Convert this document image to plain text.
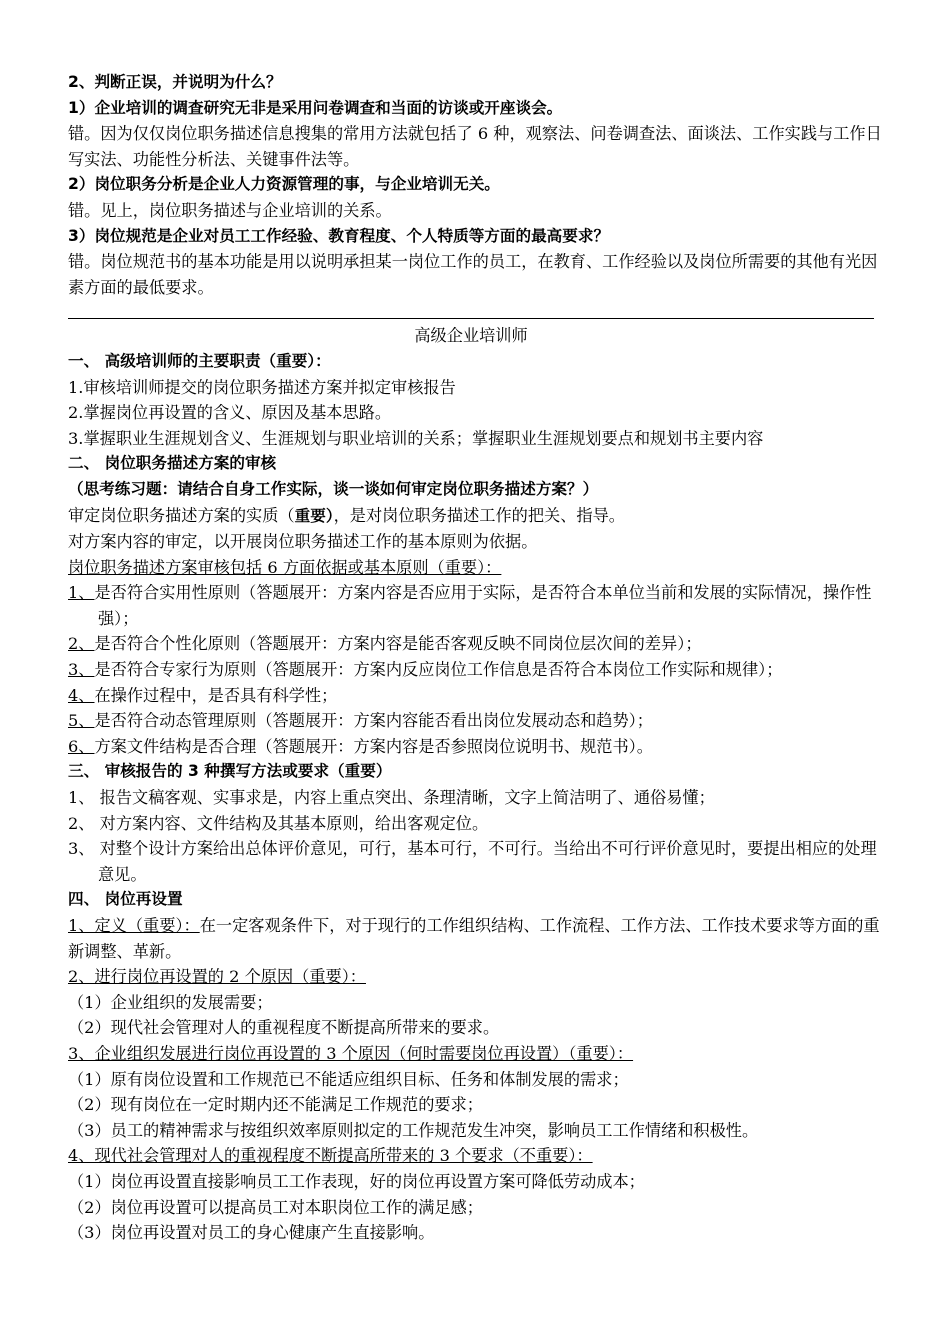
2、判断正误，并说明为什么？
1）企业培训的调查研究无非是采用问卷调查和当面的访谈或开座谈会。
错。因为仅仅岗位职务描述信息搜集的常用方法就包括了 6 种，观察法、问卷调查法、面谈法、工作实践与工作日写实法、功能性分析法、关键事件法等。
2）岗位职务分析是企业人力资源管理的事，与企业培训无关。
错。见上，岗位职务描述与企业培训的关系。
3）岗位规范是企业对员工工作经验、教育程度、个人特质等方面的最高要求？
错。岗位规范书的基本功能是用以说明承担某一岗位工作的员工，在教育、工作经验以及岗位所需要的其他有光因素方面的最低要求。
高级企业培训师
一、 高级培训师的主要职责（重要）：
1.审核培训师提交的岗位职务描述方案并拟定审核报告
2.掌握岗位再设置的含义、原因及基本思路。
3.掌握职业生涯规划含义、生涯规划与职业培训的关系；掌握职业生涯规划要点和规划书主要内容
二、 岗位职务描述方案的审核
（思考练习题：请结合自身工作实际，谈一谈如何审定岗位职务描述方案？）
审定岗位职务描述方案的实质（重要），是对岗位职务描述工作的把关、指导。
对方案内容的审定，以开展岗位职务描述工作的基本原则为依据。
岗位职务描述方案审核包括 6 方面依据或基本原则（重要）：
1、是否符合实用性原则（答题展开：方案内容是否应用于实际，是否符合本单位当前和发展的实际情况，操作性强）；
2、是否符合个性化原则（答题展开：方案内容是能否客观反映不同岗位层次间的差异）；
3、是否符合专家行为原则（答题展开：方案内反应岗位工作信息是否符合本岗位工作实际和规律）；
4、在操作过程中，是否具有科学性；
5、是否符合动态管理原则（答题展开：方案内容能否看出岗位发展动态和趋势）；
6、方案文件结构是否合理（答题展开：方案内容是否参照岗位说明书、规范书）。
三、 审核报告的 3 种撰写方法或要求（重要）
1、 报告文稿客观、实事求是，内容上重点突出、条理清晰，文字上简洁明了、通俗易懂；
2、 对方案内容、文件结构及其基本原则，给出客观定位。
3、 对整个设计方案给出总体评价意见，可行，基本可行，不可行。当给出不可行评价意见时，要提出相应的处理意见。
四、 岗位再设置
1、定义（重要）：在一定客观条件下，对于现行的工作组织结构、工作流程、工作方法、工作技术要求等方面的重新调整、革新。
2、进行岗位再设置的 2 个原因（重要）：
（1）企业组织的发展需要；
（2）现代社会管理对人的重视程度不断提高所带来的要求。
3、企业组织发展进行岗位再设置的 3 个原因（何时需要岗位再设置）（重要）：
（1）原有岗位设置和工作规范已不能适应组织目标、任务和体制发展的需求；
（2）现有岗位在一定时期内还不能满足工作规范的要求；
（3）员工的精神需求与按组织效率原则拟定的工作规范发生冲突，影响员工工作情绪和积极性。
4、现代社会管理对人的重视程度不断提高所带来的 3 个要求（不重要）：
（1）岗位再设置直接影响员工工作表现，好的岗位再设置方案可降低劳动成本；
（2）岗位再设置可以提高员工对本职岗位工作的满足感；
（3）岗位再设置对员工的身心健康产生直接影响。
